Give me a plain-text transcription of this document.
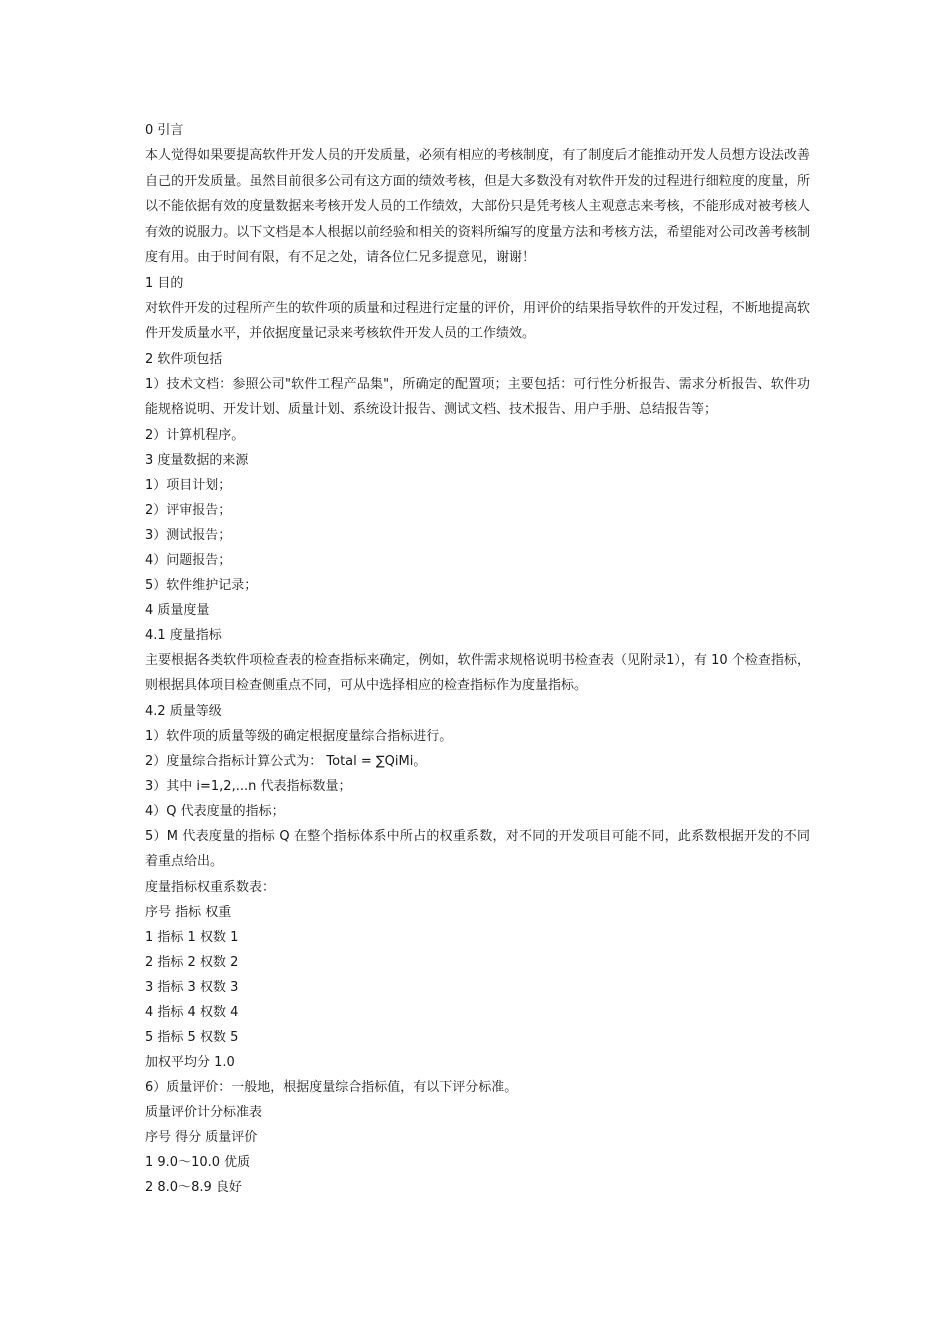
0 引言

本人觉得如果要提高软件开发人员的开发质量，必须有相应的考核制度，有了制度后才能推动开发人员想方设法改善自己的开发质量。虽然目前很多公司有这方面的绩效考核，但是大多数没有对软件开发的过程进行细粒度的度量，所以不能依据有效的度量数据来考核开发人员的工作绩效，大部份只是凭考核人主观意志来考核，不能形成对被考核人有效的说服力。以下文档是本人根据以前经验和相关的资料所编写的度量方法和考核方法，希望能对公司改善考核制度有用。由于时间有限，有不足之处，请各位仁兄多提意见，谢谢！

1 目的

对软件开发的过程所产生的软件项的质量和过程进行定量的评价，用评价的结果指导软件的开发过程，不断地提高软件开发质量水平，并依据度量记录来考核软件开发人员的工作绩效。

2 软件项包括

1）技术文档：参照公司"软件工程产品集"，所确定的配置项；主要包括：可行性分析报告、需求分析报告、软件功能规格说明、开发计划、质量计划、系统设计报告、测试文档、技术报告、用户手册、总结报告等；

2）计算机程序。

3 度量数据的来源

1）项目计划；

2）评审报告；

3）测试报告；

4）问题报告；

5）软件维护记录；

4 质量度量

4.1 度量指标

主要根据各类软件项检查表的检查指标来确定，例如，软件需求规格说明书检查表（见附录1），有 10 个检查指标，则根据具体项目检查侧重点不同，可从中选择相应的检查指标作为度量指标。

4.2 质量等级

1）软件项的质量等级的确定根据度量综合指标进行。

2）度量综合指标计算公式为： Total = ∑QiMi。

3）其中 i=1,2,...n 代表指标数量；

4）Q 代表度量的指标；

5）M 代表度量的指标 Q 在整个指标体系中所占的权重系数，对不同的开发项目可能不同，此系数根据开发的不同着重点给出。

度量指标权重系数表：

序号 指标 权重

1 指标 1 权数 1

2 指标 2 权数 2

3 指标 3 权数 3

4 指标 4 权数 4

5 指标 5 权数 5

加权平均分 1.0

6）质量评价：一般地，根据度量综合指标值，有以下评分标准。

质量评价计分标准表

序号 得分 质量评价

1 9.0～10.0 优质

2 8.0～8.9 良好
